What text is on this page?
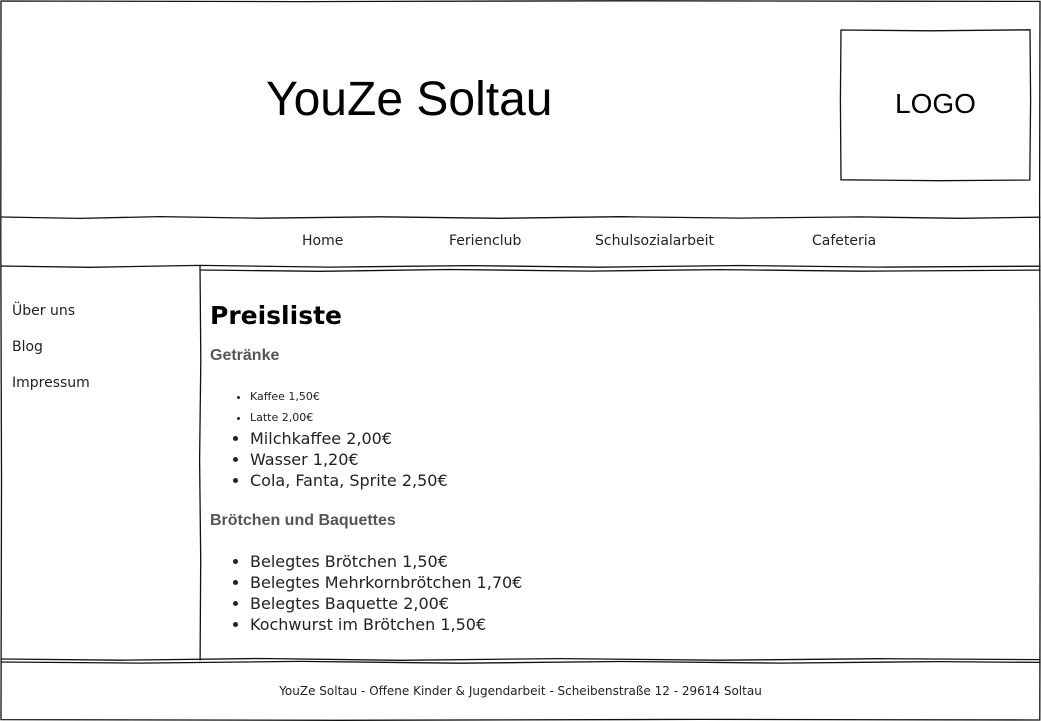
YouZe Soltau	LOGO
Home	Ferienclub	Schulsozialarbeit	Cafeteria
Über uns
Blog
Impressum
Preisliste
Getränke
• Kaffee 1,50€
• Latte 2,00€
• Milchkaffee 2,00€
• Wasser 1,20€
• Cola, Fanta, Sprite 2,50€
Brötchen und Baquettes
• Belegtes Brötchen 1,50€
• Belegtes Mehrkornbrötchen 1,70€
• Belegtes Baquette 2,00€
• Kochwurst im Brötchen 1,50€
YouZe Soltau - Offene Kinder & Jugendarbeit - Scheibenstraße 12 - 29614 Soltau
